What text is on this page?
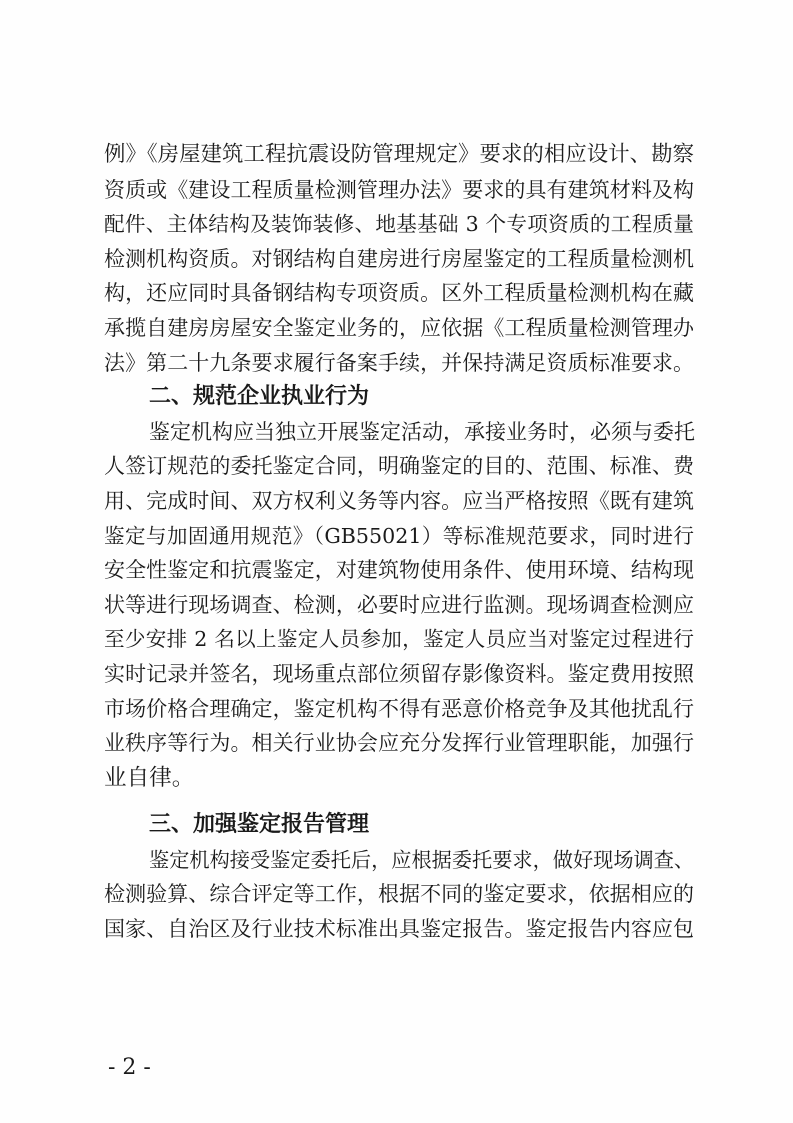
例》《房屋建筑工程抗震设防管理规定》要求的相应设计、勘察
资质或《建设工程质量检测管理办法》要求的具有建筑材料及构
配件、主体结构及装饰装修、地基基础 3 个专项资质的工程质量
检测机构资质。对钢结构自建房进行房屋鉴定的工程质量检测机
构，还应同时具备钢结构专项资质。区外工程质量检测机构在藏
承揽自建房房屋安全鉴定业务的，应依据《工程质量检测管理办
法》第二十九条要求履行备案手续，并保持满足资质标准要求。
二、规范企业执业行为
鉴定机构应当独立开展鉴定活动，承接业务时，必须与委托
人签订规范的委托鉴定合同，明确鉴定的目的、范围、标准、费
用、完成时间、双方权利义务等内容。应当严格按照《既有建筑
鉴定与加固通用规范》（GB55021）等标准规范要求，同时进行
安全性鉴定和抗震鉴定，对建筑物使用条件、使用环境、结构现
状等进行现场调查、检测，必要时应进行监测。现场调查检测应
至少安排 2 名以上鉴定人员参加，鉴定人员应当对鉴定过程进行
实时记录并签名，现场重点部位须留存影像资料。鉴定费用按照
市场价格合理确定，鉴定机构不得有恶意价格竞争及其他扰乱行
业秩序等行为。相关行业协会应充分发挥行业管理职能，加强行
业自律。
三、加强鉴定报告管理
鉴定机构接受鉴定委托后，应根据委托要求，做好现场调查、
检测验算、综合评定等工作，根据不同的鉴定要求，依据相应的
国家、自治区及行业技术标准出具鉴定报告。鉴定报告内容应包
- 2 -
